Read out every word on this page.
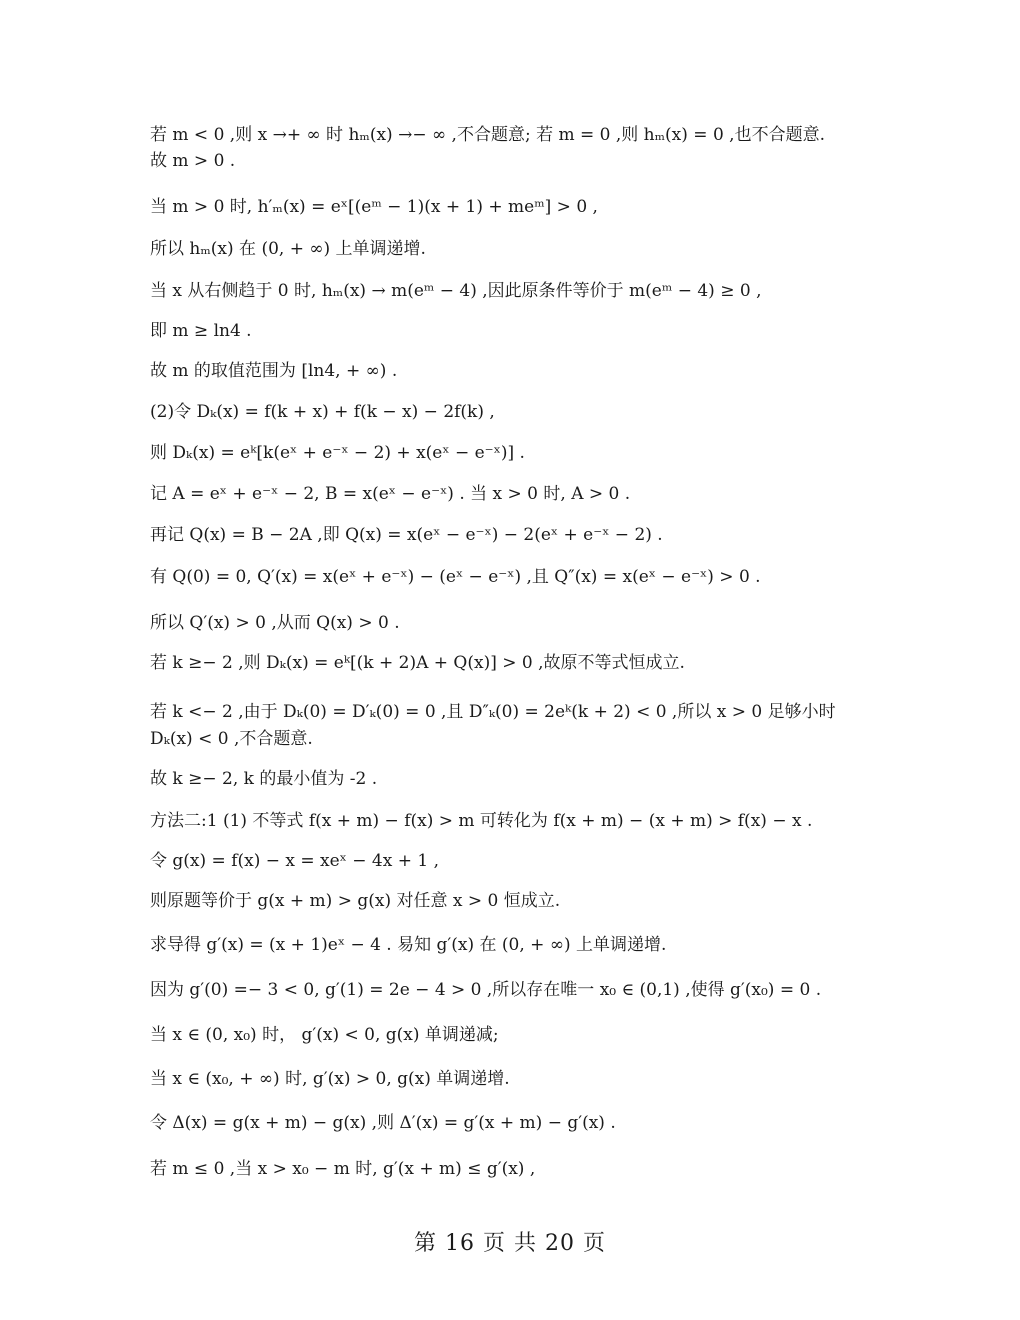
若 m < 0 ,则 x →+ ∞ 时 hₘ(x) →− ∞ ,不合题意; 若 m = 0 ,则 hₘ(x) = 0 ,也不合题意.
故 m > 0 .
当 m > 0 时, h′ₘ(x) = eˣ[(eᵐ − 1)(x + 1) + meᵐ] > 0 ,
所以 hₘ(x) 在 (0, + ∞) 上单调递增.
当 x 从右侧趋于 0 时, hₘ(x) → m(eᵐ − 4) ,因此原条件等价于 m(eᵐ − 4) ≥ 0 ,
即 m ≥ ln4 .
故 m 的取值范围为 [ln4, + ∞) .
(2)令 Dₖ(x) = f(k + x) + f(k − x) − 2f(k) ,
则 Dₖ(x) = eᵏ[k(eˣ + e⁻ˣ − 2) + x(eˣ − e⁻ˣ)] .
记 A = eˣ + e⁻ˣ − 2, B = x(eˣ − e⁻ˣ) . 当 x > 0 时, A > 0 .
再记 Q(x) = B − 2A ,即 Q(x) = x(eˣ − e⁻ˣ) − 2(eˣ + e⁻ˣ − 2) .
有 Q(0) = 0, Q′(x) = x(eˣ + e⁻ˣ) − (eˣ − e⁻ˣ) ,且 Q″(x) = x(eˣ − e⁻ˣ) > 0 .
所以 Q′(x) > 0 ,从而 Q(x) > 0 .
若 k ≥− 2 ,则 Dₖ(x) = eᵏ[(k + 2)A + Q(x)] > 0 ,故原不等式恒成立.
若 k <− 2 ,由于 Dₖ(0) = D′ₖ(0) = 0 ,且 D″ₖ(0) = 2eᵏ(k + 2) < 0 ,所以 x > 0 足够小时
Dₖ(x) < 0 ,不合题意.
故 k ≥− 2, k 的最小值为 -2 .
方法二:1 (1) 不等式 f(x + m) − f(x) > m 可转化为 f(x + m) − (x + m) > f(x) − x .
令 g(x) = f(x) − x = xeˣ − 4x + 1 ,
则原题等价于 g(x + m) > g(x) 对任意 x > 0 恒成立.
求导得 g′(x) = (x + 1)eˣ − 4 . 易知 g′(x) 在 (0, + ∞) 上单调递增.
因为 g′(0) =− 3 < 0, g′(1) = 2e − 4 > 0 ,所以存在唯一 x₀ ∈ (0,1) ,使得 g′(x₀) = 0 .
当 x ∈ (0, x₀) 时， g′(x) < 0, g(x) 单调递减;
当 x ∈ (x₀, + ∞) 时, g′(x) > 0, g(x) 单调递增.
令 Δ(x) = g(x + m) − g(x) ,则 Δ′(x) = g′(x + m) − g′(x) .
若 m ≤ 0 ,当 x > x₀ − m 时, g′(x + m) ≤ g′(x) ,
第 16 页 共 20 页
